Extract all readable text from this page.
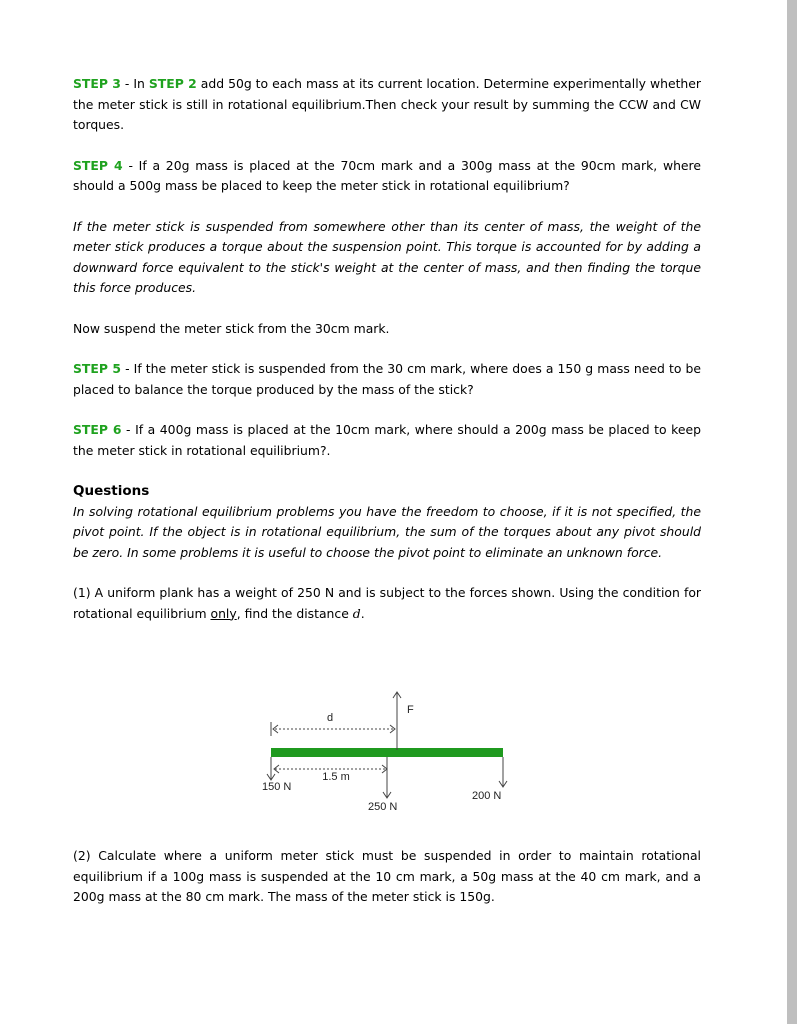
STEP 3 - In STEP 2 add 50g to each mass at its current location. Determine experimentally whether the meter stick is still in rotational equilibrium.Then check your result by summing the CCW and CW torques.

STEP 4 - If a 20g mass is placed at the 70cm mark and a 300g mass at the 90cm mark, where should a 500g mass be placed to keep the meter stick in rotational equilibrium?

If the meter stick is suspended from somewhere other than its center of mass, the weight of the meter stick produces a torque about the suspension point. This torque is accounted for by adding a downward force equivalent to the stick's weight at the center of mass, and then finding the torque this force produces.

Now suspend the meter stick from the 30cm mark.

STEP 5 - If the meter stick is suspended from the 30 cm mark, where does a 150 g mass need to be placed to balance the torque produced by the mass of the stick?

STEP 6 - If a 400g mass is placed at the 10cm mark, where should a 200g mass be placed to keep the meter stick in rotational equilibrium?.

Questions

In solving rotational equilibrium problems you have the freedom to choose, if it is not specified, the pivot point. If the object is in rotational equilibrium, the sum of the torques about any pivot should be zero. In some problems it is useful to choose the pivot point to eliminate an unknown force.

(1) A uniform plank has a weight of 250 N and is subject to the forces shown. Using the condition for rotational equilibrium only, find the distance d.

d
F
1.5 m
150 N
250 N
200 N

(2) Calculate where a uniform meter stick must be suspended in order to maintain rotational equilibrium if a 100g mass is suspended at the 10 cm mark, a 50g mass at the 40 cm mark, and a 200g mass at the 80 cm mark. The mass of the meter stick is 150g.
